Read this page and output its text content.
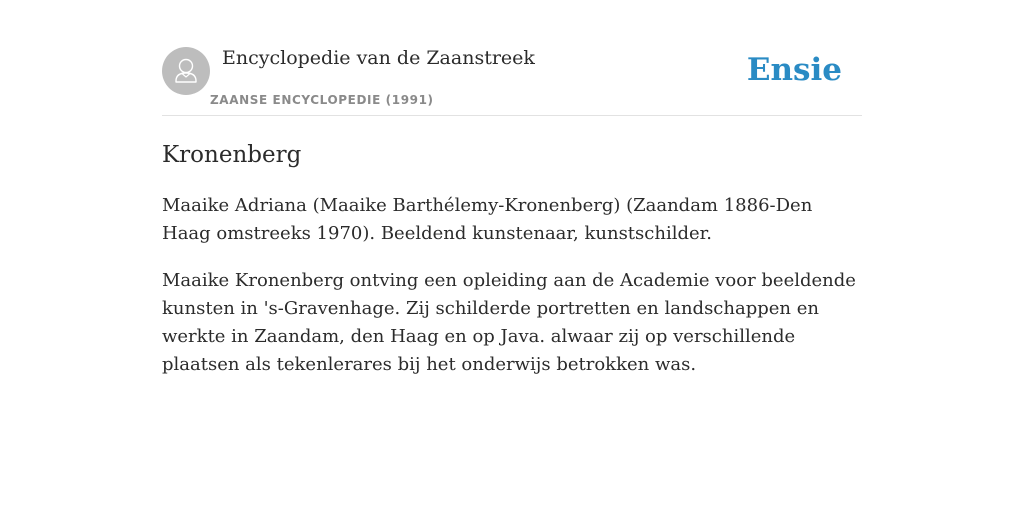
Encyclopedie van de Zaanstreek
ZAANSE ENCYCLOPEDIE (1991)
Ensie
Kronenberg

Maaike Adriana (Maaike Barthélemy-Kronenberg) (Zaandam 1886-Den Haag omstreeks 1970). Beeldend kunstenaar, kunstschilder.

Maaike Kronenberg ontving een opleiding aan de Academie voor beeldende kunsten in 's-Gravenhage. Zij schilderde portretten en landschappen en werkte in Zaandam, den Haag en op Java. alwaar zij op verschillende plaatsen als tekenlerares bij het onderwijs betrokken was.
